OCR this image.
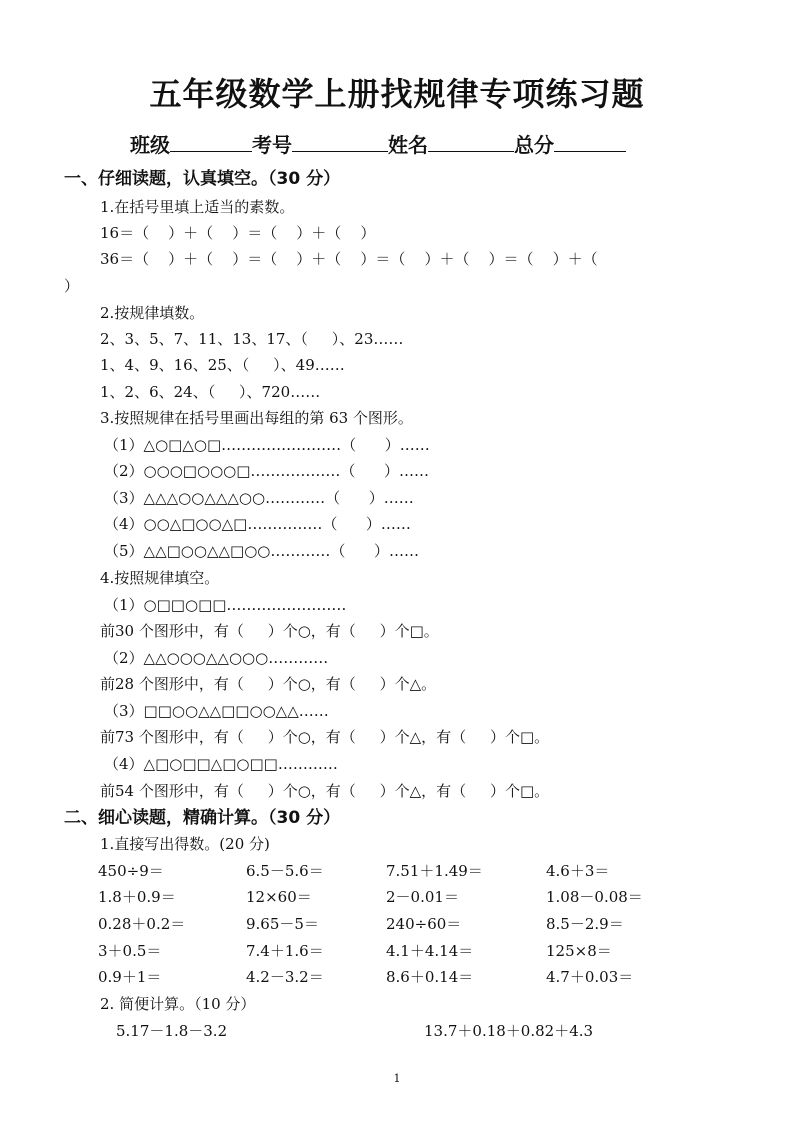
五年级数学上册找规律专项练习题
班级	考号	姓名	总分
一、仔细读题，认真填空。（30 分）
1.在括号里填上适当的素数。
16＝（    ）＋（    ）＝（    ）＋（    ）
36＝（    ）＋（    ）＝（    ）＋（    ）＝（    ）＋（    ）＝（    ）＋（
）
2.按规律填数。
2、3、5、7、11、13、17、（     ）、23……
1、4、9、16、25、（     ）、49……
1、2、6、24、（     ）、720……
3.按照规律在括号里画出每组的第 63 个图形。
（1）△○□△○□……………………（      ）……
（2）○○○□○○○□………………（      ）……
（3）△△△○○△△△○○…………（      ）……
（4）○○△□○○△□……………（      ）……
（5）△△□○○△△□○○…………（      ）……
4.按照规律填空。
（1）○□□○□□……………………
前30 个图形中，有（     ）个○，有（     ）个□。
（2）△△○○○△△○○○…………
前28 个图形中，有（     ）个○，有（     ）个△。
（3）□□○○△△□□○○△△……
前73 个图形中，有（     ）个○，有（     ）个△，有（     ）个□。
（4）△□○□□△□○□□…………
前54 个图形中，有（     ）个○，有（     ）个△，有（     ）个□。
二、细心读题，精确计算。（30 分）
1.直接写出得数。(20 分)
450÷9＝	6.5－5.6＝	7.51＋1.49＝	4.6＋3＝
1.8＋0.9＝	12×60＝	2－0.01＝	1.08－0.08＝
0.28＋0.2＝	9.65－5＝	240÷60＝	8.5－2.9＝
3＋0.5＝	7.4＋1.6＝	4.1＋4.14＝	125×8＝
0.9＋1＝	4.2－3.2＝	8.6＋0.14＝	4.7＋0.03＝
2. 简便计算。（10 分）
5.17－1.8－3.2	13.7＋0.18＋0.82＋4.3
1
